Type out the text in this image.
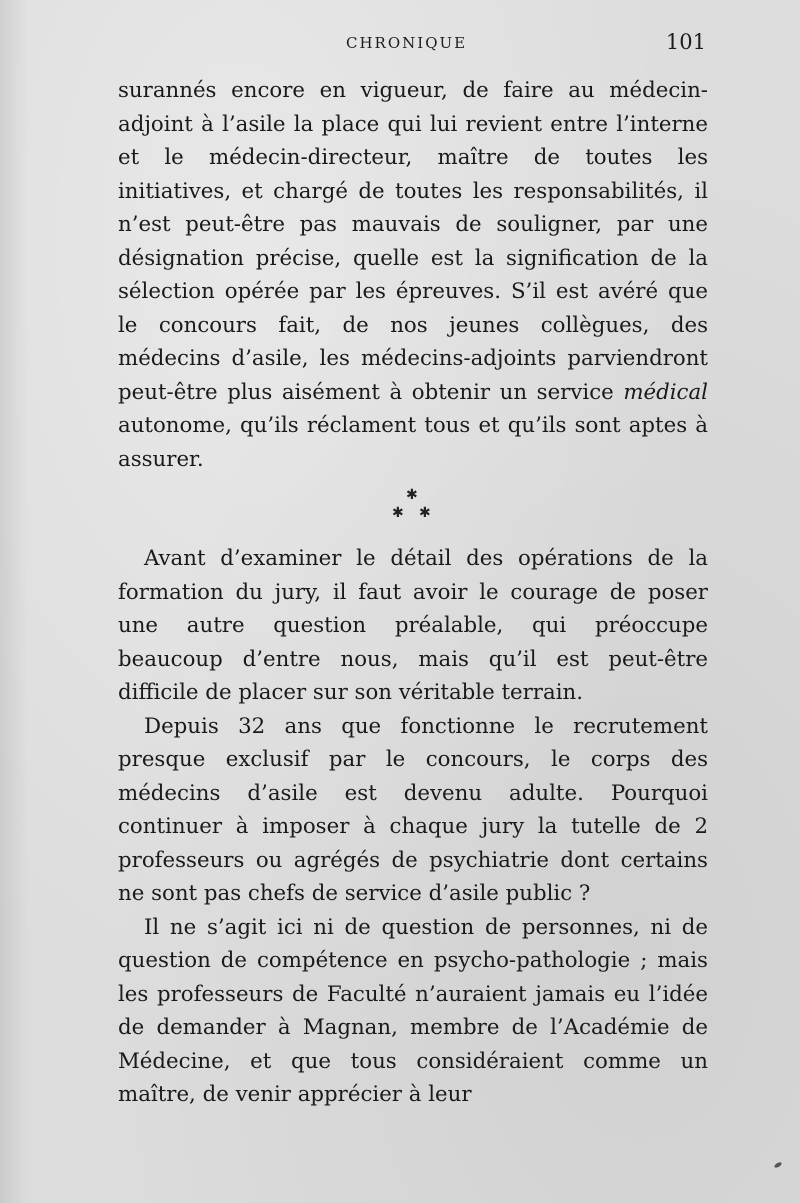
CHRONIQUE	101

surannés encore en vigueur, de faire au médecin-adjoint à l’asile la place qui lui revient entre l’interne et le médecin-directeur, maître de toutes les initiatives, et chargé de toutes les responsabilités, il n’est peut-être pas mauvais de souligner, par une désignation précise, quelle est la signification de la sélection opérée par les épreuves. S’il est avéré que le concours fait, de nos jeunes collègues, des médecins d’asile, les médecins-adjoints parviendront peut-être plus aisément à obtenir un service médical autonome, qu’ils réclament tous et qu’ils sont aptes à assurer.

✱
✱ ✱

Avant d’examiner le détail des opérations de la formation du jury, il faut avoir le courage de poser une autre question préalable, qui préoccupe beaucoup d’entre nous, mais qu’il est peut-être difficile de placer sur son véritable terrain.

Depuis 32 ans que fonctionne le recrutement presque exclusif par le concours, le corps des médecins d’asile est devenu adulte. Pourquoi continuer à imposer à chaque jury la tutelle de 2 professeurs ou agrégés de psychiatrie dont certains ne sont pas chefs de service d’asile public ?

Il ne s’agit ici ni de question de personnes, ni de question de compétence en psycho-pathologie ; mais les professeurs de Faculté n’auraient jamais eu l’idée de demander à Magnan, membre de l’Académie de Médecine, et que tous considéraient comme un maître, de venir apprécier à leur
